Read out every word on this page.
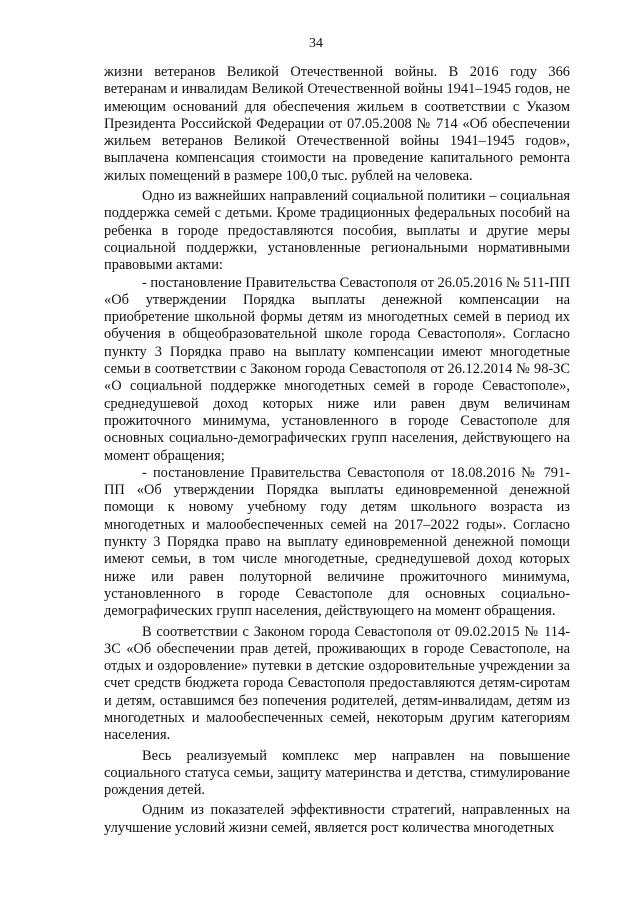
34

жизни ветеранов Великой Отечественной войны. В 2016 году 366 ветеранам и инвалидам Великой Отечественной войны 1941–1945 годов, не имеющим оснований для обеспечения жильем в соответствии с Указом Президента Российской Федерации от 07.05.2008 № 714 «Об обеспечении жильем ветеранов Великой Отечественной войны 1941–1945 годов», выплачена компенсация стоимости на проведение капитального ремонта жилых помещений в размере 100,0 тыс. рублей на человека.

Одно из важнейших направлений социальной политики – социальная поддержка семей с детьми. Кроме традиционных федеральных пособий на ребенка в городе предоставляются пособия, выплаты и другие меры социальной поддержки, установленные региональными нормативными правовыми актами:

- постановление Правительства Севастополя от 26.05.2016 № 511-ПП «Об утверждении Порядка выплаты денежной компенсации на приобретение школьной формы детям из многодетных семей в период их обучения в общеобразовательной школе города Севастополя». Согласно пункту 3 Порядка право на выплату компенсации имеют многодетные семьи в соответствии с Законом города Севастополя от 26.12.2014 № 98-ЗС «О социальной поддержке многодетных семей в городе Севастополе», среднедушевой доход которых ниже или равен двум величинам прожиточного минимума, установленного в городе Севастополе для основных социально-демографических групп населения, действующего на момент обращения;

- постановление Правительства Севастополя от 18.08.2016 № 791-ПП «Об утверждении Порядка выплаты единовременной денежной помощи к новому учебному году детям школьного возраста из многодетных и малообеспеченных семей на 2017–2022 годы». Согласно пункту 3 Порядка право на выплату единовременной денежной помощи имеют семьи, в том числе многодетные, среднедушевой доход которых ниже или равен полуторной величине прожиточного минимума, установленного в городе Севастополе для основных социально-демографических групп населения, действующего на момент обращения.

В соответствии с Законом города Севастополя от 09.02.2015 № 114-ЗС «Об обеспечении прав детей, проживающих в городе Севастополе, на отдых и оздоровление» путевки в детские оздоровительные учреждении за счет средств бюджета города Севастополя предоставляются детям-сиротам и детям, оставшимся без попечения родителей, детям-инвалидам, детям из многодетных и малообеспеченных семей, некоторым другим категориям населения.

Весь реализуемый комплекс мер направлен на повышение социального статуса семьи, защиту материнства и детства, стимулирование рождения детей.

Одним из показателей эффективности стратегий, направленных на улучшение условий жизни семей, является рост количества многодетных
